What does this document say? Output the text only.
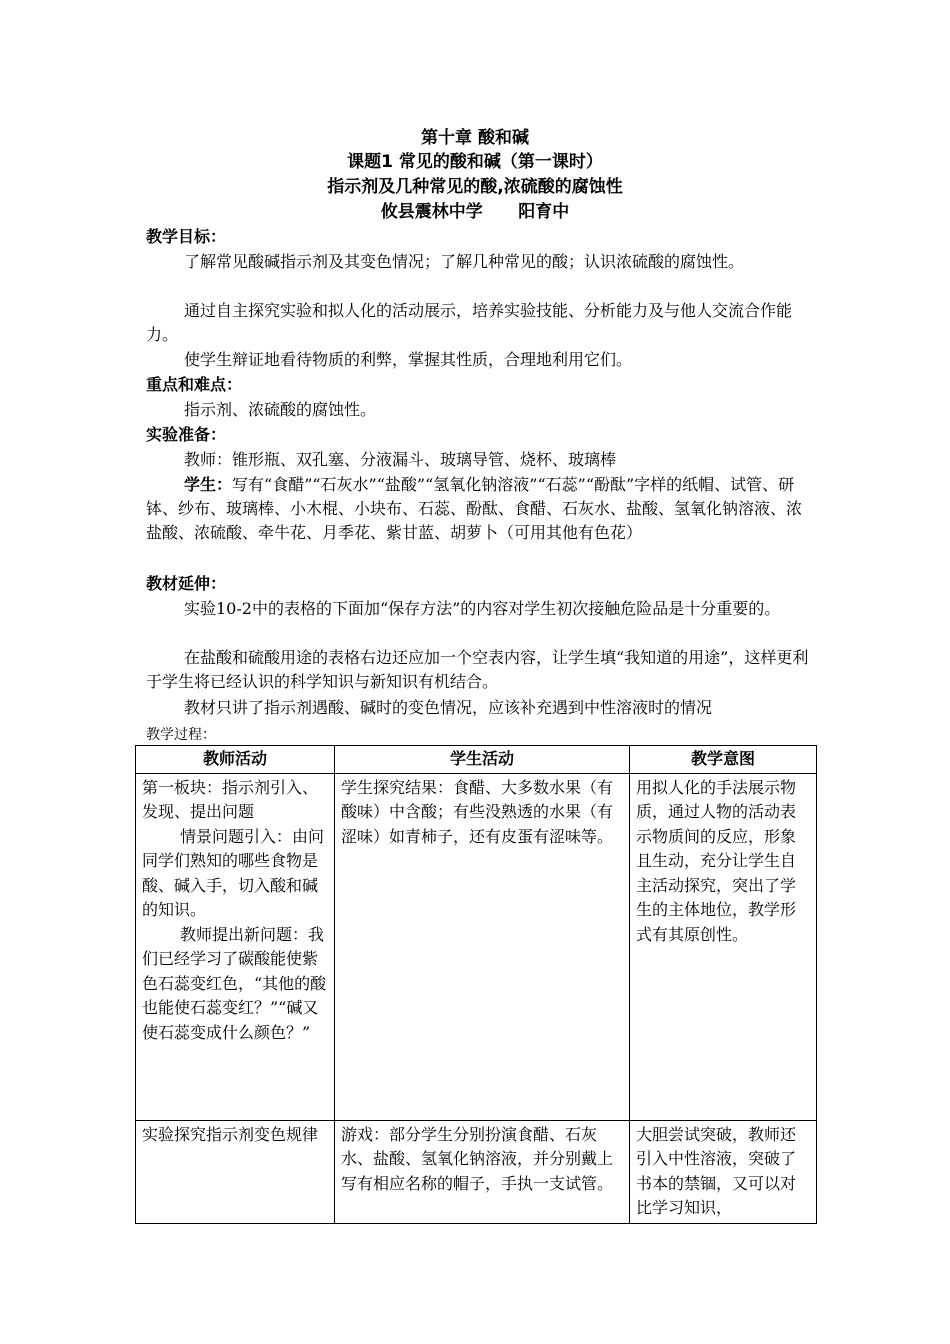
第十章 酸和碱
课题1 常见的酸和碱（第一课时）
指示剂及几种常见的酸,浓硫酸的腐蚀性
攸县震林中学      阳育中
教学目标：
了解常见酸碱指示剂及其变色情况；了解几种常见的酸；认识浓硫酸的腐蚀性。
通过自主探究实验和拟人化的活动展示，培养实验技能、分析能力及与他人交流合作能力。
使学生辩证地看待物质的利弊，掌握其性质，合理地利用它们。
重点和难点：
指示剂、浓硫酸的腐蚀性。
实验准备：
教师：锥形瓶、双孔塞、分液漏斗、玻璃导管、烧杯、玻璃棒
学生：写有“食醋”“石灰水”“盐酸”“氢氧化钠溶液”“石蕊”“酚酞”字样的纸帽、试管、研钵、纱布、玻璃棒、小木棍、小块布、石蕊、酚酞、食醋、石灰水、盐酸、氢氧化钠溶液、浓盐酸、浓硫酸、牵牛花、月季花、紫甘蓝、胡萝卜（可用其他有色花）
教材延伸：
实验10-2中的表格的下面加“保存方法”的内容对学生初次接触危险品是十分重要的。
在盐酸和硫酸用途的表格右边还应加一个空表内容，让学生填“我知道的用途”，这样更利于学生将已经认识的科学知识与新知识有机结合。
教材只讲了指示剂遇酸、碱时的变色情况，应该补充遇到中性溶液时的情况
教学过程：
教师活动	学生活动	教学意图

第一板块：指示剂引入、发现、提出问题
情景问题引入：由问同学们熟知的哪些食物是酸、碱入手，切入酸和碱的知识。
教师提出新问题：我们已经学习了碳酸能使紫色石蕊变红色，“其他的酸也能使石蕊变红？”“碱又使石蕊变成什么颜色？”	学生探究结果：食醋、大多数水果（有酸味）中含酸；有些没熟透的水果（有涩味）如青柿子，还有皮蛋有涩味等。	用拟人化的手法展示物质，通过人物的活动表示物质间的反应，形象且生动，充分让学生自主活动探究，突出了学生的主体地位，教学形式有其原创性。

实验探究指示剂变色规律	游戏：部分学生分别扮演食醋、石灰水、盐酸、氢氧化钠溶液，并分别戴上写有相应名称的帽子，手执一支试管。	大胆尝试突破，教师还引入中性溶液，突破了书本的禁锢，又可以对比学习知识，
